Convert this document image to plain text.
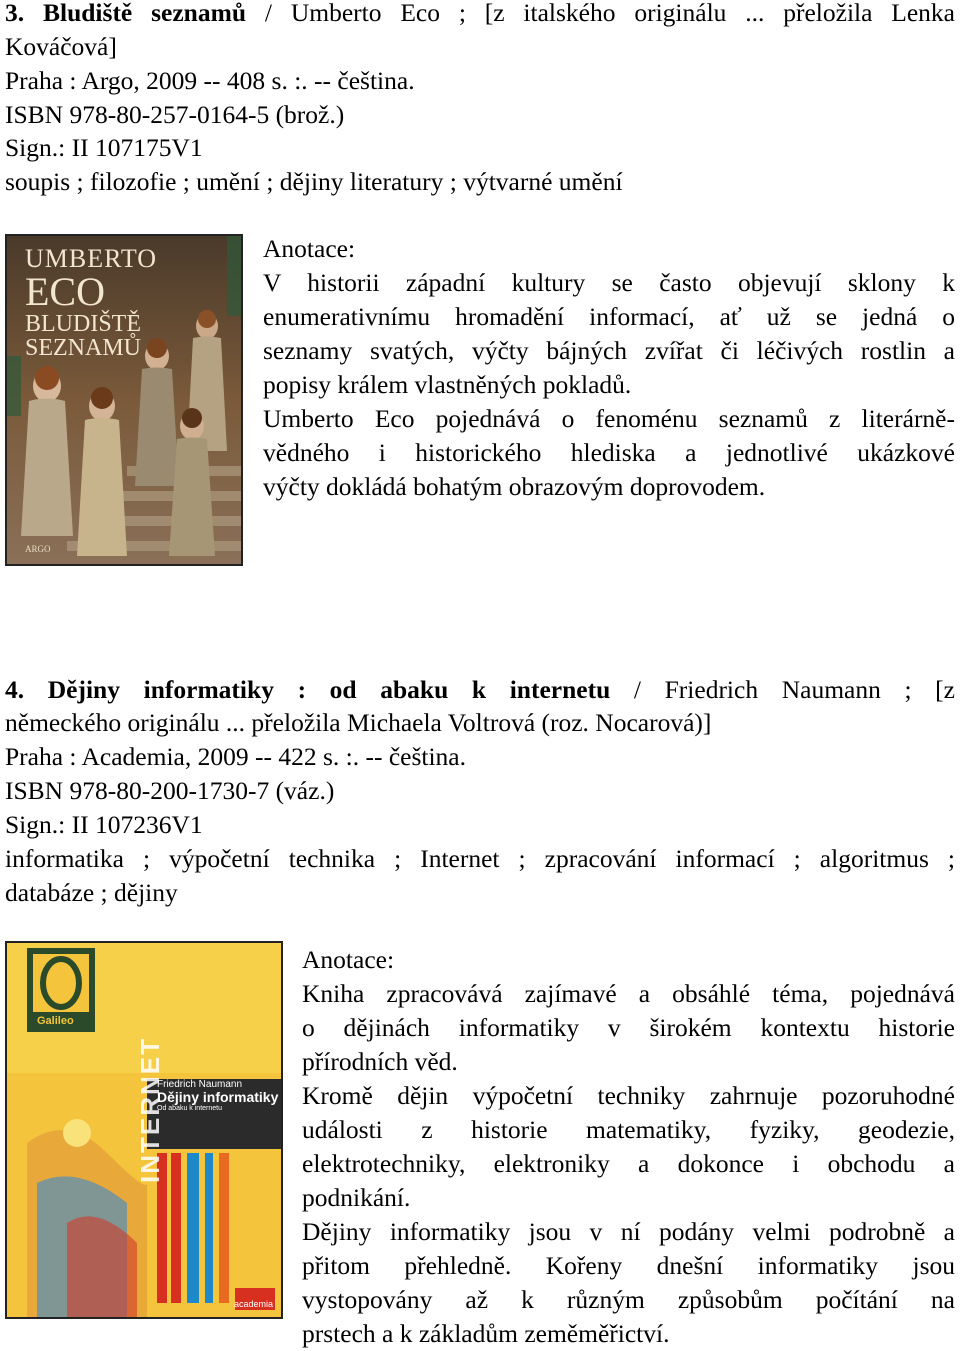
3. Bludiště seznamů / Umberto Eco ; [z italského originálu ... přeložila Lenka
Kováčová]
Praha : Argo, 2009 -- 408 s. :. -- čeština.
ISBN 978-80-257-0164-5 (brož.)
Sign.: II 107175V1
soupis ; filozofie ; umění ; dějiny literatury ; výtvarné umění
UMBERTO
ECO
BLUDIŠTĚ
SEZNAMŮ
ARGO
Anotace:
V historii západní kultury se často objevují sklony k
enumerativnímu hromadění informací, ať už se jedná o
seznamy svatých, výčty bájných zvířat či léčivých rostlin a
popisy králem vlastněných pokladů.
Umberto Eco pojednává o fenoménu seznamů z literárně-
vědného i historického hlediska a jednotlivé ukázkové
výčty dokládá bohatým obrazovým doprovodem.
4. Dějiny informatiky : od abaku k internetu / Friedrich Naumann ; [z
německého originálu ... přeložila Michaela Voltrová (roz. Nocarová)]
Praha : Academia, 2009 -- 422 s. :. -- čeština.
ISBN 978-80-200-1730-7 (váz.)
Sign.: II 107236V1
informatika ; výpočetní technika ; Internet ; zpracování informací ; algoritmus ;
databáze ; dějiny
Galileo
Friedrich Naumann
Dějiny informatiky
Od abaku k internetu
INTERNET
academia
Anotace:
Kniha zpracovává zajímavé a obsáhlé téma, pojednává
o dějinách informatiky v širokém kontextu historie
přírodních věd.
Kromě dějin výpočetní techniky zahrnuje pozoruhodné
události z historie matematiky, fyziky, geodezie,
elektrotechniky, elektroniky a dokonce i obchodu a
podnikání.
Dějiny informatiky jsou v ní podány velmi podrobně a
přitom přehledně. Kořeny dnešní informatiky jsou
vystopovány až k různým způsobům počítání na
prstech a k základům zeměměřictví.
